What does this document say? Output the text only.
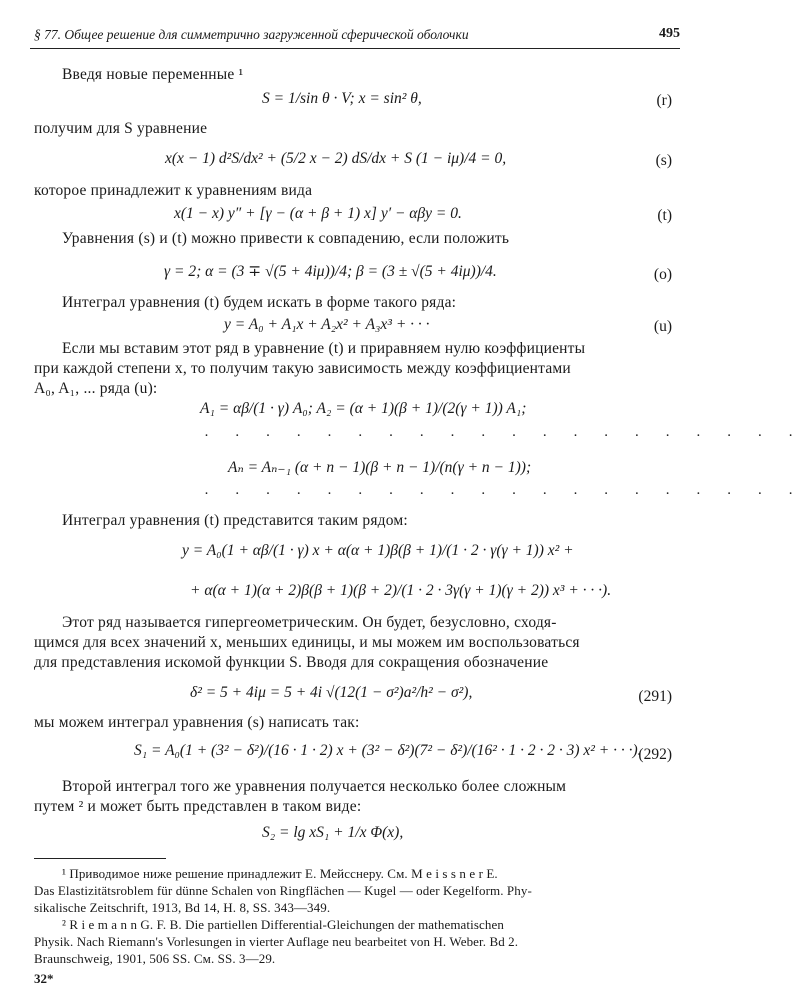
§ 77. Общее решение для симметрично загруженной сферической оболочки	495
Введя новые переменные ¹
S = 1/sin θ · V; x = sin² θ,	(r)
получим для S уравнение
x(x − 1) d²S/dx² + (5/2 x − 2) dS/dx + S (1 − iμ)/4 = 0,	(s)
которое принадлежит к уравнениям вида
x(1 − x) y″ + [γ − (α + β + 1) x] y′ − αβy = 0.	(t)
Уравнения (s) и (t) можно привести к совпадению, если положить
γ = 2; α = (3 ∓ √(5 + 4iμ))/4; β = (3 ± √(5 + 4iμ))/4.	(o)
Интеграл уравнения (t) будем искать в форме такого ряда:
y = A₀ + A₁x + A₂x² + A₃x³ + · · ·	(u)
Если мы вставим этот ряд в уравнение (t) и приравняем нулю коэффициенты
при каждой степени x, то получим такую зависимость между коэффициентами
A₀, A₁, ... ряда (u):
A₁ = αβ/(1 · γ) A₀; A₂ = (α + 1)(β + 1)/(2(γ + 1)) A₁;
· · · · · · · · · · · · · · · · · · · ·
Aₙ = Aₙ₋₁ (α + n − 1)(β + n − 1)/(n(γ + n − 1));
· · · · · · · · · · · · · · · · · · · ·
Интеграл уравнения (t) представится таким рядом:
y = A₀(1 + αβ/(1 · γ) x + α(α + 1)β(β + 1)/(1 · 2 · γ(γ + 1)) x² +
+ α(α + 1)(α + 2)β(β + 1)(β + 2)/(1 · 2 · 3γ(γ + 1)(γ + 2)) x³ + · · ·).
Этот ряд называется гипергеометрическим. Он будет, безусловно, сходя-
щимся для всех значений x, меньших единицы, и мы можем им воспользоваться
для представления искомой функции S. Вводя для сокращения обозначение
δ² = 5 + 4iμ = 5 + 4i √(12(1 − σ²)a²/h² − σ²),	(291)
мы можем интеграл уравнения (s) написать так:
S₁ = A₀(1 + (3² − δ²)/(16 · 1 · 2) x + (3² − δ²)(7² − δ²)/(16² · 1 · 2 · 2 · 3) x² + · · ·).
(292)
Второй интеграл того же уравнения получается несколько более сложным
путем ² и может быть представлен в таком виде:
S₂ = lg xS₁ + 1/x Φ(x),
¹ Приводимое ниже решение принадлежит Е. Мейсснеру. См. M e i s s n e r E.
Das Elastizitätsroblem für dünne Schalen von Ringflächen — Kugel — oder Kegelform. Phy-
sikalische Zeitschrift, 1913, Bd 14, H. 8, SS. 343—349.
² R i e m a n n G. F. B. Die partiellen Differential-Gleichungen der mathematischen
Physik. Nach Riemann's Vorlesungen in vierter Auflage neu bearbeitet von H. Weber. Bd 2.
Braunschweig, 1901, 506 SS. См. SS. 3—29.
32*
